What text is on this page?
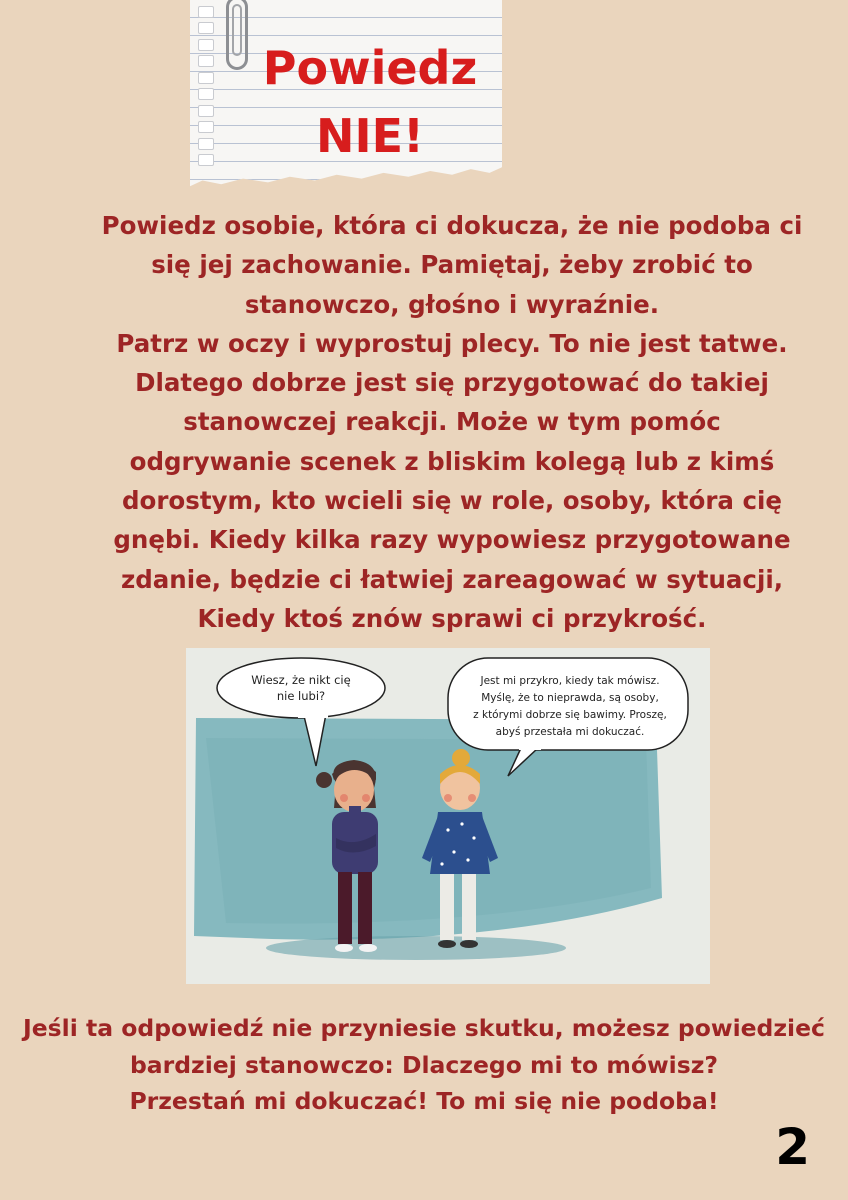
Powiedz
NIE!
Powiedz osobie, która ci dokucza, że nie podoba ci
się jej zachowanie. Pamiętaj, żeby zrobić to
stanowczo, głośno i wyraźnie.
Patrz w oczy i wyprostuj plecy. To nie jest tatwe.
Dlatego dobrze jest się przygotować do takiej
stanowczej reakcji. Może w tym pomóc
odgrywanie scenek z bliskim kolegą lub z kimś
dorostym, kto wcieli się w role, osoby, która cię
gnębi. Kiedy kilka razy wypowiesz przygotowane
zdanie, będzie ci łatwiej zareagować w sytuacji,
Kiedy ktoś znów sprawi ci przykrość.
Wiesz, że nikt cię
nie lubi?
Jest mi przykro, kiedy tak mówisz.
Myślę, że to nieprawda, są osoby,
z którymi dobrze się bawimy. Proszę,
abyś przestała mi dokuczać.
Jeśli ta odpowiedź nie przyniesie skutku, możesz powiedzieć
bardziej stanowczo: Dlaczego mi to mówisz?
Przestań mi dokuczać! To mi się nie podoba!
2
